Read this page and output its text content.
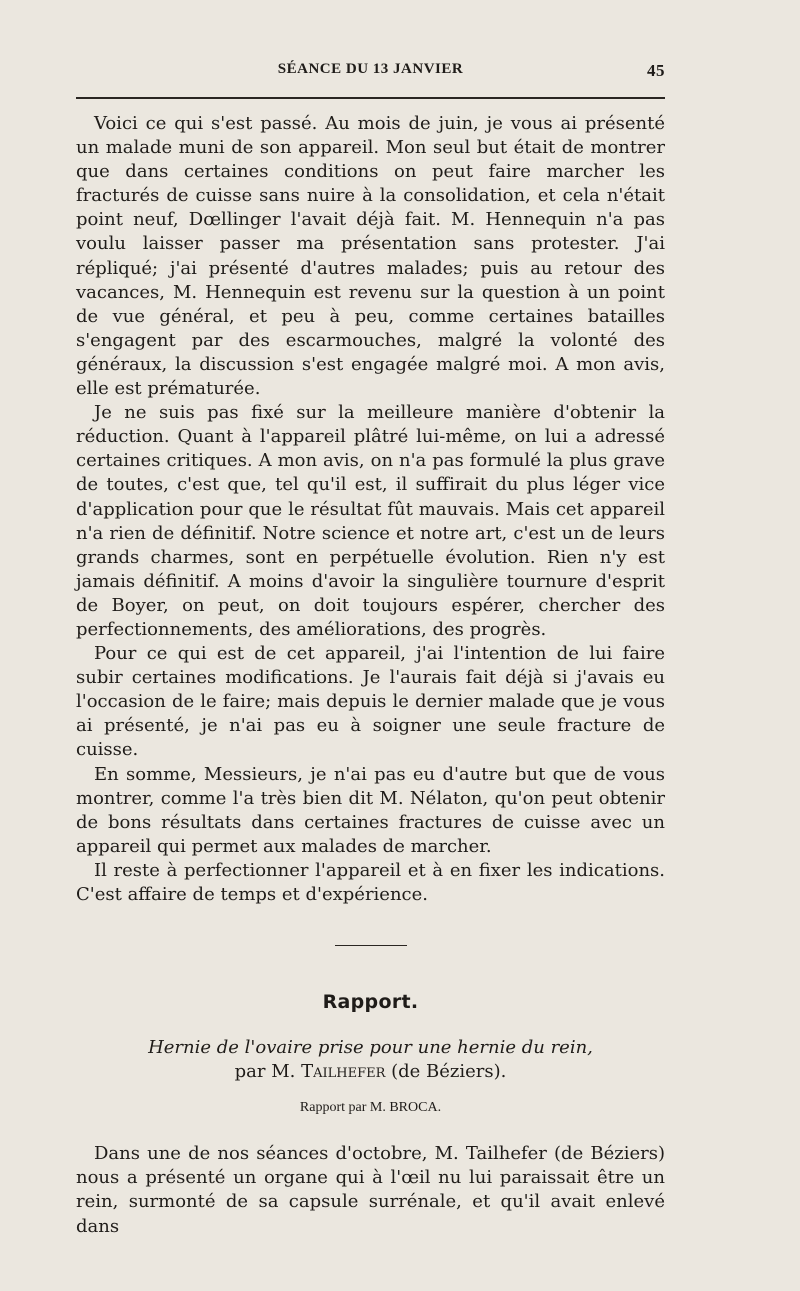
SÉANCE DU 13 JANVIER	45

Voici ce qui s'est passé. Au mois de juin, je vous ai présenté un malade muni de son appareil. Mon seul but était de montrer que dans certaines conditions on peut faire marcher les fracturés de cuisse sans nuire à la consolidation, et cela n'était point neuf, Dœllinger l'avait déjà fait. M. Hennequin n'a pas voulu laisser passer ma présentation sans protester. J'ai répliqué; j'ai présenté d'autres malades; puis au retour des vacances, M. Hennequin est revenu sur la question à un point de vue général, et peu à peu, comme certaines batailles s'engagent par des escarmouches, malgré la volonté des généraux, la discussion s'est engagée malgré moi. A mon avis, elle est prématurée.

Je ne suis pas fixé sur la meilleure manière d'obtenir la réduction. Quant à l'appareil plâtré lui-même, on lui a adressé certaines critiques. A mon avis, on n'a pas formulé la plus grave de toutes, c'est que, tel qu'il est, il suffirait du plus léger vice d'application pour que le résultat fût mauvais. Mais cet appareil n'a rien de définitif. Notre science et notre art, c'est un de leurs grands charmes, sont en perpétuelle évolution. Rien n'y est jamais définitif. A moins d'avoir la singulière tournure d'esprit de Boyer, on peut, on doit toujours espérer, chercher des perfectionnements, des améliorations, des progrès.

Pour ce qui est de cet appareil, j'ai l'intention de lui faire subir certaines modifications. Je l'aurais fait déjà si j'avais eu l'occasion de le faire; mais depuis le dernier malade que je vous ai présenté, je n'ai pas eu à soigner une seule fracture de cuisse.

En somme, Messieurs, je n'ai pas eu d'autre but que de vous montrer, comme l'a très bien dit M. Nélaton, qu'on peut obtenir de bons résultats dans certaines fractures de cuisse avec un appareil qui permet aux malades de marcher.

Il reste à perfectionner l'appareil et à en fixer les indications. C'est affaire de temps et d'expérience.

Rapport.
Hernie de l'ovaire prise pour une hernie du rein,
par M. Tailhefer (de Béziers).
Rapport par M. BROCA.

Dans une de nos séances d'octobre, M. Tailhefer (de Béziers) nous a présenté un organe qui à l'œil nu lui paraissait être un rein, surmonté de sa capsule surrénale, et qu'il avait enlevé dans
